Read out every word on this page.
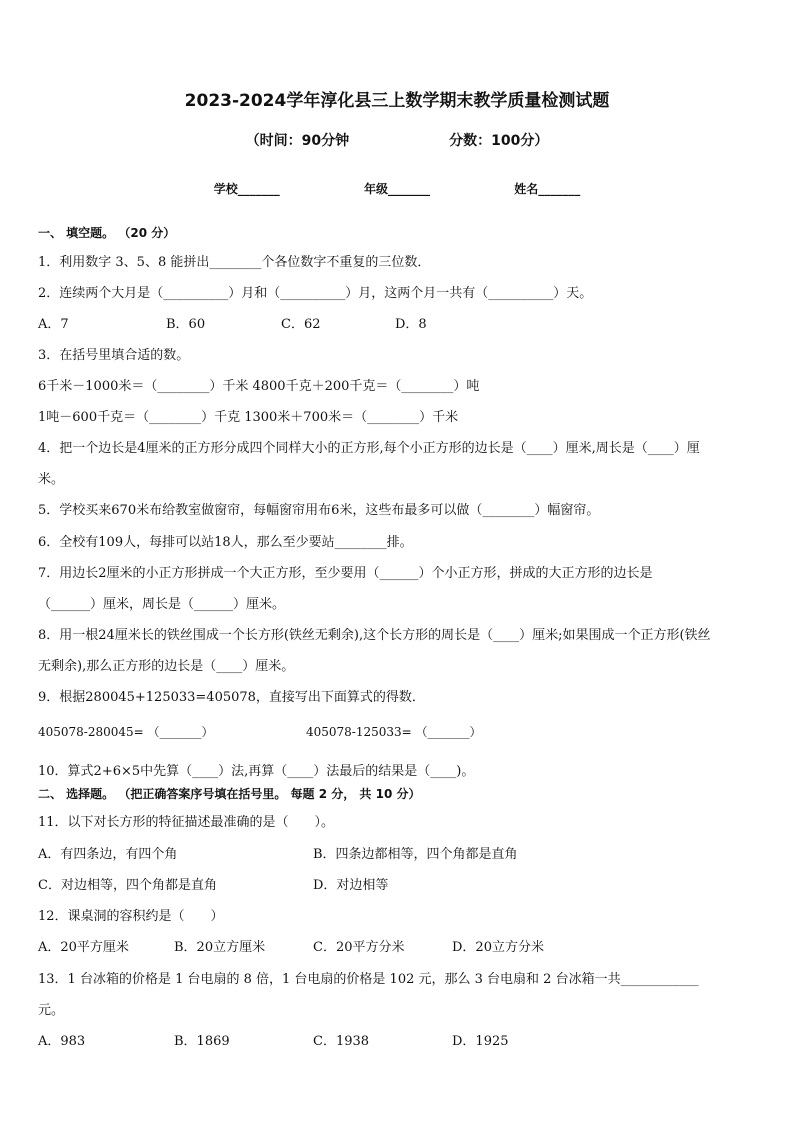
2023-2024学年淳化县三上数学期末教学质量检测试题
（时间：90分钟	分数：100分）
学校_______	年级_______	姓名_______
一、 填空题。 （20 分）
1．利用数字 3、5、8 能拼出________个各位数字不重复的三位数．
2．连续两个大月是（__________）月和（__________）月，这两个月一共有（__________）天。
A．7	B．60	C．62	D．8
3．在括号里填合适的数。
6千米－1000米＝（________）千米 4800千克＋200千克＝（________）吨
1吨－600千克＝（________）千克 1300米＋700米＝（________）千米
4．把一个边长是4厘米的正方形分成四个同样大小的正方形,每个小正方形的边长是（____）厘米,周长是（____）厘
米。
5．学校买来670米布给教室做窗帘，每幅窗帘用布6米，这些布最多可以做（________）幅窗帘。
6．全校有109人，每排可以站18人，那么至少要站________排。
7．用边长2厘米的小正方形拼成一个大正方形，至少要用（______）个小正方形，拼成的大正方形的边长是
（______）厘米，周长是（______）厘米。
8．用一根24厘米长的铁丝围成一个长方形(铁丝无剩余),这个长方形的周长是（____）厘米;如果围成一个正方形(铁丝
无剩余),那么正方形的边长是（____）厘米。
9．根据280045+125033=405078，直接写出下面算式的得数．
405078-280045= （_______）	405078-125033= （_______）
10．算式2+6×5中先算（____）法,再算（____）法最后的结果是（____)。
二、 选择题。 （把正确答案序号填在括号里。 每题 2 分， 共 10 分）
11．以下对长方形的特征描述最准确的是（　　）。
A．有四条边，有四个角	B．四条边都相等，四个角都是直角
C．对边相等，四个角都是直角	D．对边相等
12．课桌洞的容积约是（　　）
A．20平方厘米	B．20立方厘米	C．20平方分米	D．20立方分米
13．1 台冰箱的价格是 1 台电扇的 8 倍，1 台电扇的价格是 102 元，那么 3 台电扇和 2 台冰箱一共____________
元。
A．983	B．1869	C．1938	D．1925
